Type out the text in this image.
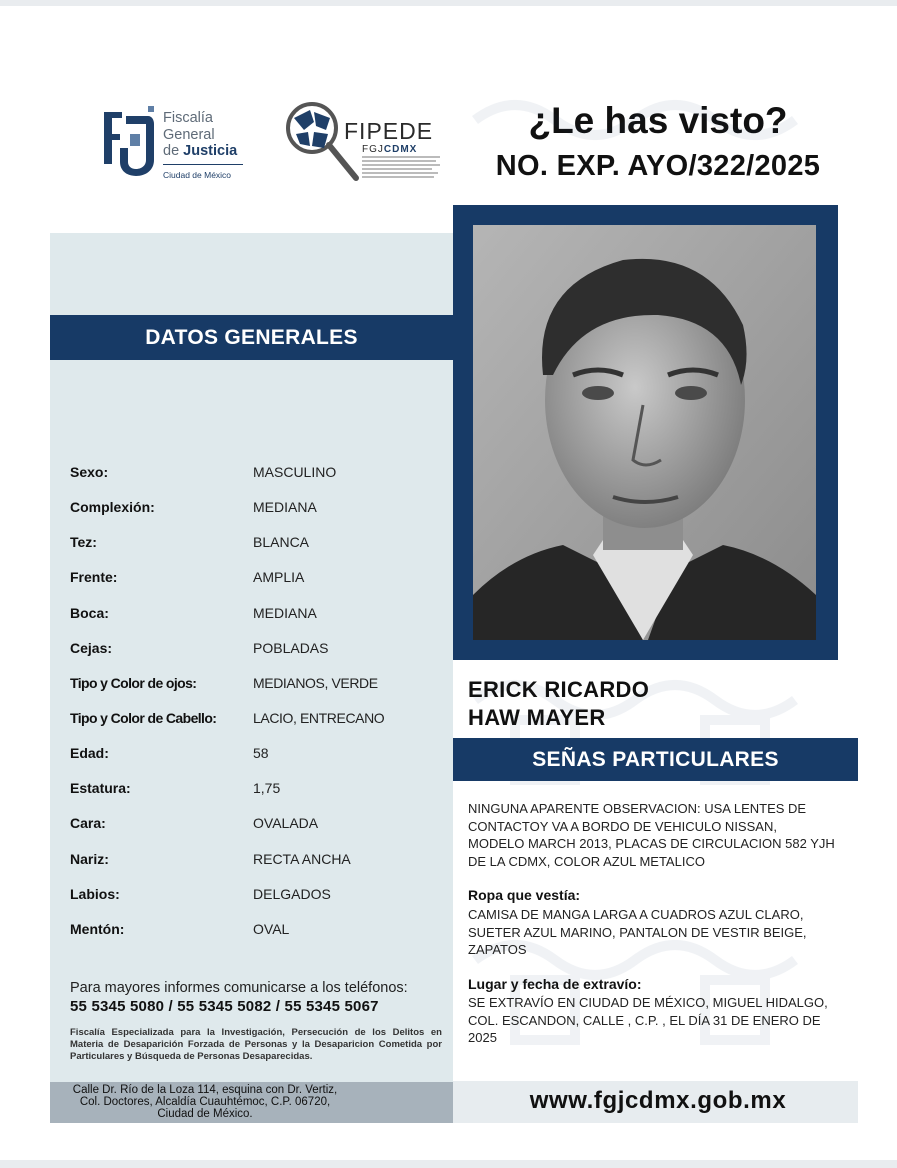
Fiscalía
General
de Justicia
Ciudad de México
FIPEDE
FGJCDMX
¿Le has visto?
NO. EXP. AYO/322/2025
DATOS GENERALES
Sexo:	MASCULINO
Complexión:	MEDIANA
Tez:	BLANCA
Frente:	AMPLIA
Boca:	MEDIANA
Cejas:	POBLADAS
Tipo y Color de ojos:	MEDIANOS, VERDE
Tipo y Color de Cabello:	LACIO, ENTRECANO
Edad:	58
Estatura:	1,75
Cara:	OVALADA
Nariz:	RECTA ANCHA
Labios:	DELGADOS
Mentón:	OVAL
Para mayores informes comunicarse a los teléfonos:
55 5345 5080 / 55 5345 5082 / 55 5345 5067
Fiscalía Especializada para la Investigación, Persecución de los Delitos en Materia de Desaparición Forzada de Personas y la Desaparicion Cometida por Particulares y Búsqueda de Personas Desaparecidas.
Calle Dr. Río de la Loza 114, esquina con Dr. Vertiz,
Col. Doctores, Alcaldía Cuauhtémoc, C.P. 06720,
Ciudad de México.
ERICK RICARDO
HAW MAYER
SEÑAS PARTICULARES
NINGUNA APARENTE OBSERVACION: USA LENTES DE CONTACTOY VA A BORDO DE VEHICULO NISSAN, MODELO MARCH 2013, PLACAS DE CIRCULACION 582 YJH DE LA CDMX, COLOR AZUL METALICO
Ropa que vestía:
CAMISA DE MANGA LARGA A CUADROS AZUL CLARO, SUETER AZUL MARINO, PANTALON DE VESTIR BEIGE, ZAPATOS
Lugar y fecha de extravío:
SE EXTRAVÍO EN CIUDAD DE MÉXICO, MIGUEL HIDALGO, COL. ESCANDON, CALLE , C.P. , EL DÍA 31 DE ENERO DE 2025
www.fgjcdmx.gob.mx
